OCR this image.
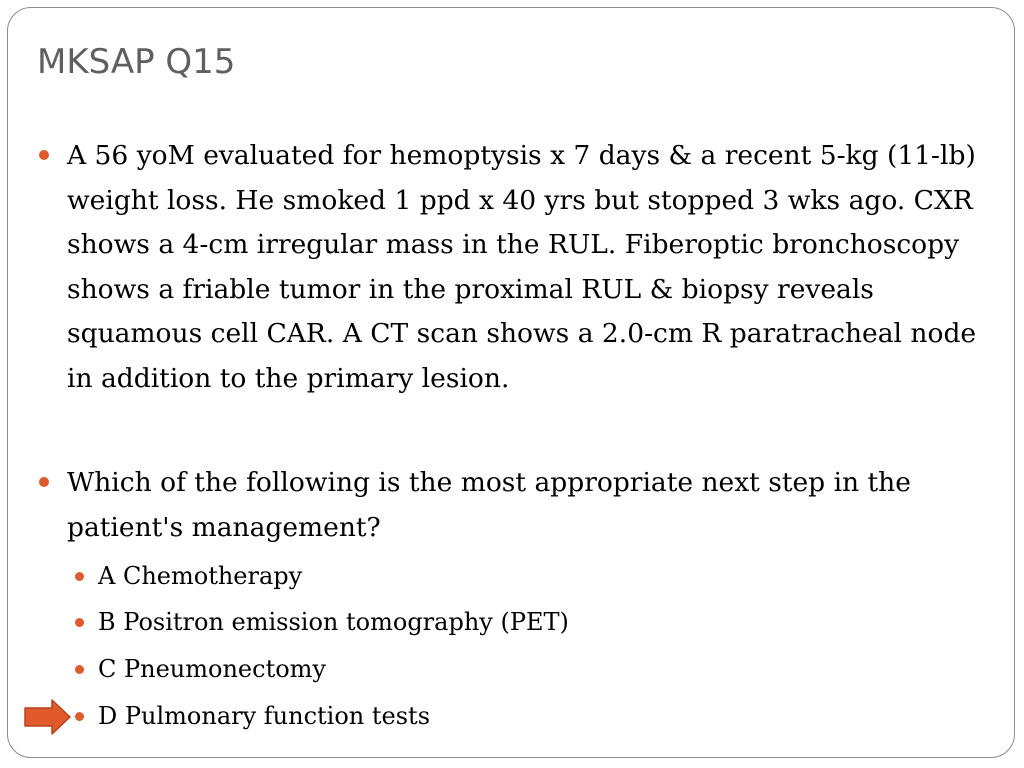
MKSAP Q15

A 56 yoM evaluated for hemoptysis x 7 days & a recent 5-kg (11-lb) weight loss. He smoked 1 ppd x 40 yrs but stopped 3 wks ago. CXR shows a 4-cm irregular mass in the RUL. Fiberoptic bronchoscopy shows a friable tumor in the proximal RUL & biopsy reveals squamous cell CAR. A CT scan shows a 2.0-cm R paratracheal node in addition to the primary lesion.

Which of the following is the most appropriate next step in the patient's management?

A Chemotherapy

B Positron emission tomography (PET)

C Pneumonectomy

D Pulmonary function tests
